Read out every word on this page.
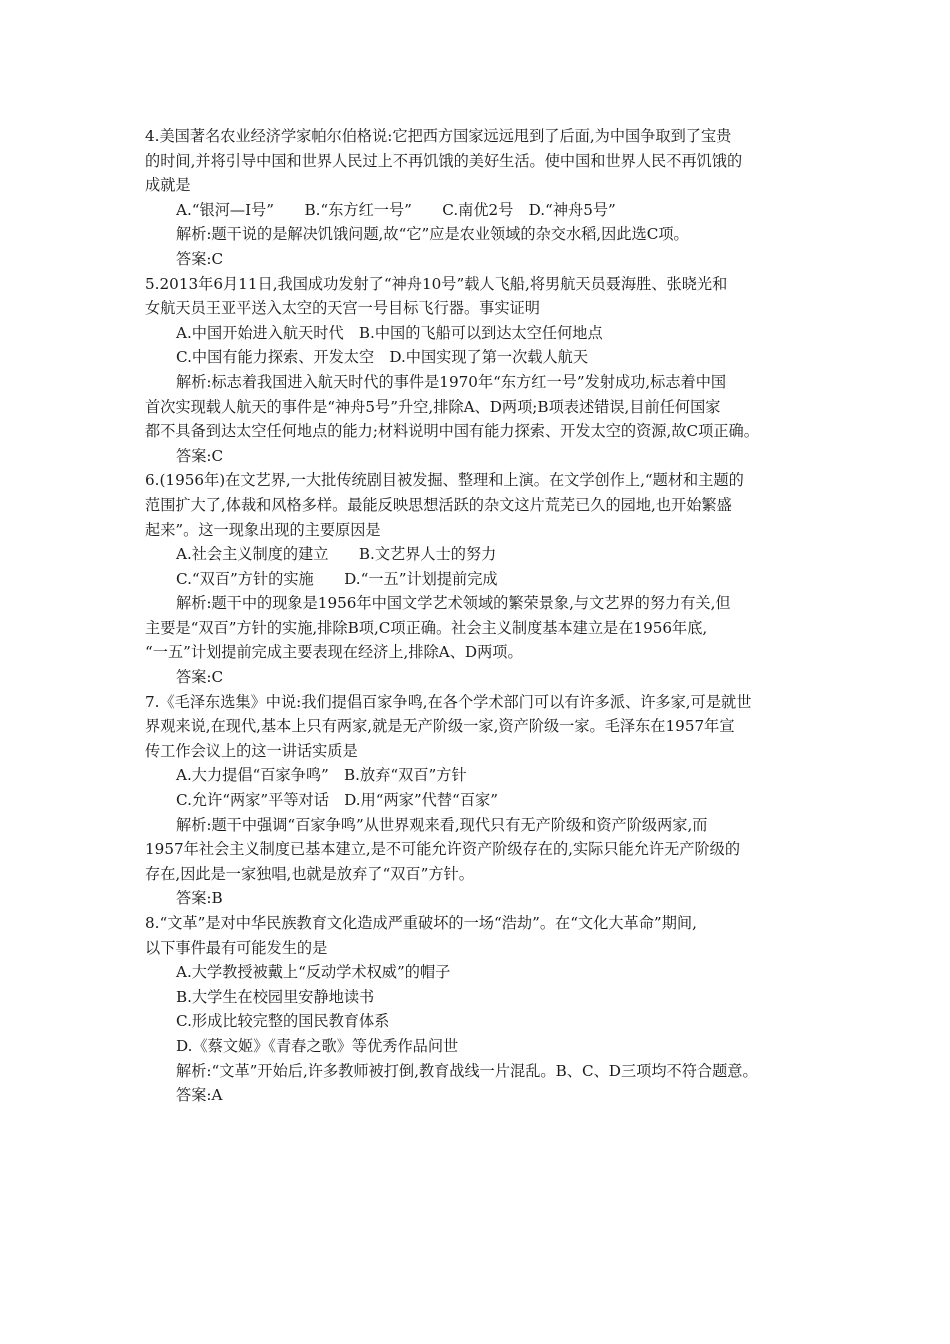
4.美国著名农业经济学家帕尔伯格说:它把西方国家远远甩到了后面,为中国争取到了宝贵
的时间,并将引导中国和世界人民过上不再饥饿的美好生活。使中国和世界人民不再饥饿的
成就是
A.“银河—Ⅰ号”　　B.“东方红一号”　　C.南优2号　D.“神舟5号”
解析:题干说的是解决饥饿问题,故“它”应是农业领域的杂交水稻,因此选C项。
答案:C
5.2013年6月11日,我国成功发射了“神舟10号”载人飞船,将男航天员聂海胜、张晓光和
女航天员王亚平送入太空的天宫一号目标飞行器。事实证明
A.中国开始进入航天时代　B.中国的飞船可以到达太空任何地点
C.中国有能力探索、开发太空　D.中国实现了第一次载人航天
解析:标志着我国进入航天时代的事件是1970年“东方红一号”发射成功,标志着中国
首次实现载人航天的事件是“神舟5号”升空,排除A、D两项;B项表述错误,目前任何国家
都不具备到达太空任何地点的能力;材料说明中国有能力探索、开发太空的资源,故C项正确。
答案:C
6.(1956年)在文艺界,一大批传统剧目被发掘、整理和上演。在文学创作上,“题材和主题的
范围扩大了,体裁和风格多样。最能反映思想活跃的杂文这片荒芜已久的园地,也开始繁盛
起来”。这一现象出现的主要原因是
A.社会主义制度的建立　　B.文艺界人士的努力
C.“双百”方针的实施　　D.“一五”计划提前完成
解析:题干中的现象是1956年中国文学艺术领域的繁荣景象,与文艺界的努力有关,但
主要是“双百”方针的实施,排除B项,C项正确。社会主义制度基本建立是在1956年底,
“一五”计划提前完成主要表现在经济上,排除A、D两项。
答案:C
7.《毛泽东选集》中说:我们提倡百家争鸣,在各个学术部门可以有许多派、许多家,可是就世
界观来说,在现代,基本上只有两家,就是无产阶级一家,资产阶级一家。毛泽东在1957年宣
传工作会议上的这一讲话实质是
A.大力提倡“百家争鸣”　B.放弃“双百”方针
C.允许“两家”平等对话　D.用“两家”代替“百家”
解析:题干中强调“百家争鸣”从世界观来看,现代只有无产阶级和资产阶级两家,而
1957年社会主义制度已基本建立,是不可能允许资产阶级存在的,实际只能允许无产阶级的
存在,因此是一家独唱,也就是放弃了“双百”方针。
答案:B
8.“文革”是对中华民族教育文化造成严重破坏的一场“浩劫”。在“文化大革命”期间,
以下事件最有可能发生的是
A.大学教授被戴上“反动学术权威”的帽子
B.大学生在校园里安静地读书
C.形成比较完整的国民教育体系
D.《蔡文姬》《青春之歌》等优秀作品问世
解析:“文革”开始后,许多教师被打倒,教育战线一片混乱。B、C、D三项均不符合题意。
答案:A
